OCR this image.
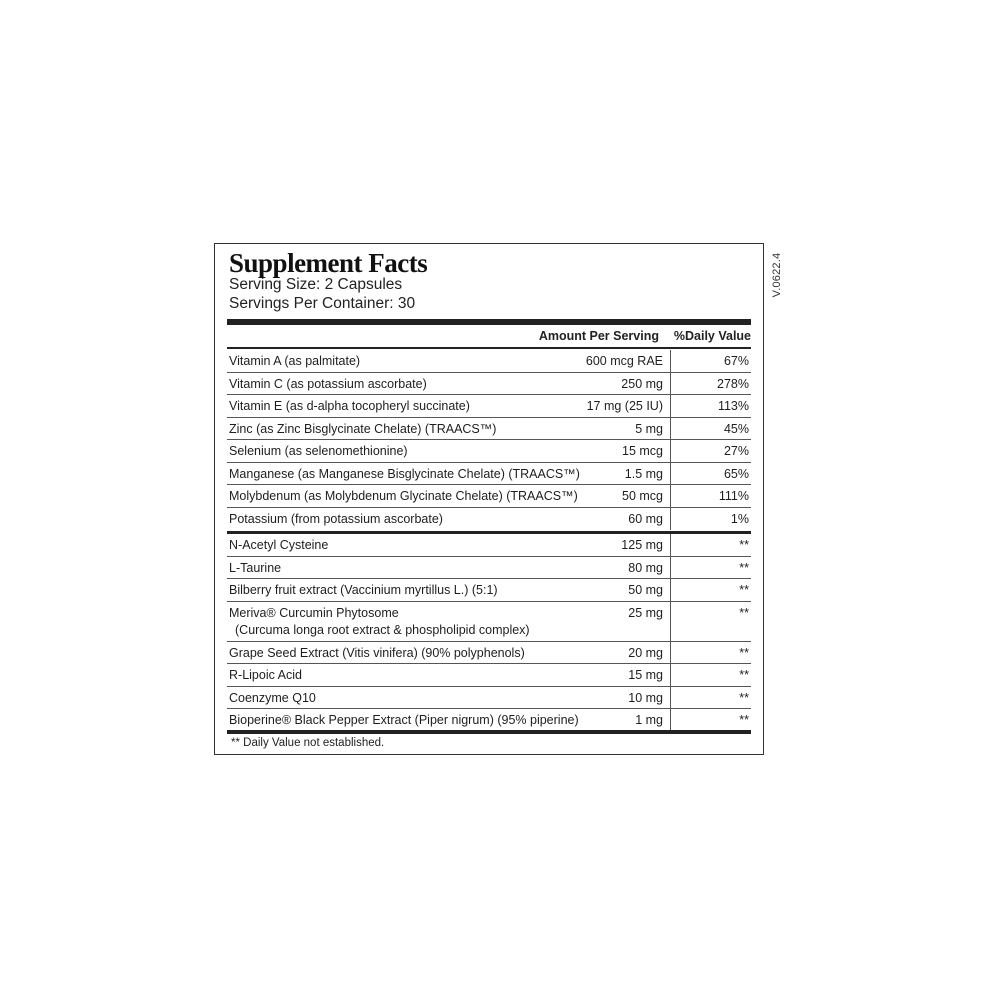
V.0622.4
Supplement Facts
Serving Size: 2 Capsules
Servings Per Container: 30
Amount Per Serving %Daily Value
Vitamin A (as palmitate)	600 mcg RAE	67%
Vitamin C (as potassium ascorbate)	250 mg	278%
Vitamin E (as d-alpha tocopheryl succinate)	17 mg (25 IU)	113%
Zinc (as Zinc Bisglycinate Chelate) (TRAACS™)	5 mg	45%
Selenium (as selenomethionine)	15 mcg	27%
Manganese (as Manganese Bisglycinate Chelate) (TRAACS™)	1.5 mg	65%
Molybdenum (as Molybdenum Glycinate Chelate) (TRAACS™)	50 mcg	111%
Potassium (from potassium ascorbate)	60 mg	1%
N-Acetyl Cysteine	125 mg	**
L-Taurine	80 mg	**
Bilberry fruit extract (Vaccinium myrtillus L.) (5:1)	50 mg	**
Meriva® Curcumin Phytosome
(Curcuma longa root extract & phospholipid complex)
25 mg	**
Grape Seed Extract (Vitis vinifera) (90% polyphenols)	20 mg	**
R-Lipoic Acid	15 mg	**
Coenzyme Q10	10 mg	**
Bioperine® Black Pepper Extract (Piper nigrum) (95% piperine)	1 mg	**
** Daily Value not established.
